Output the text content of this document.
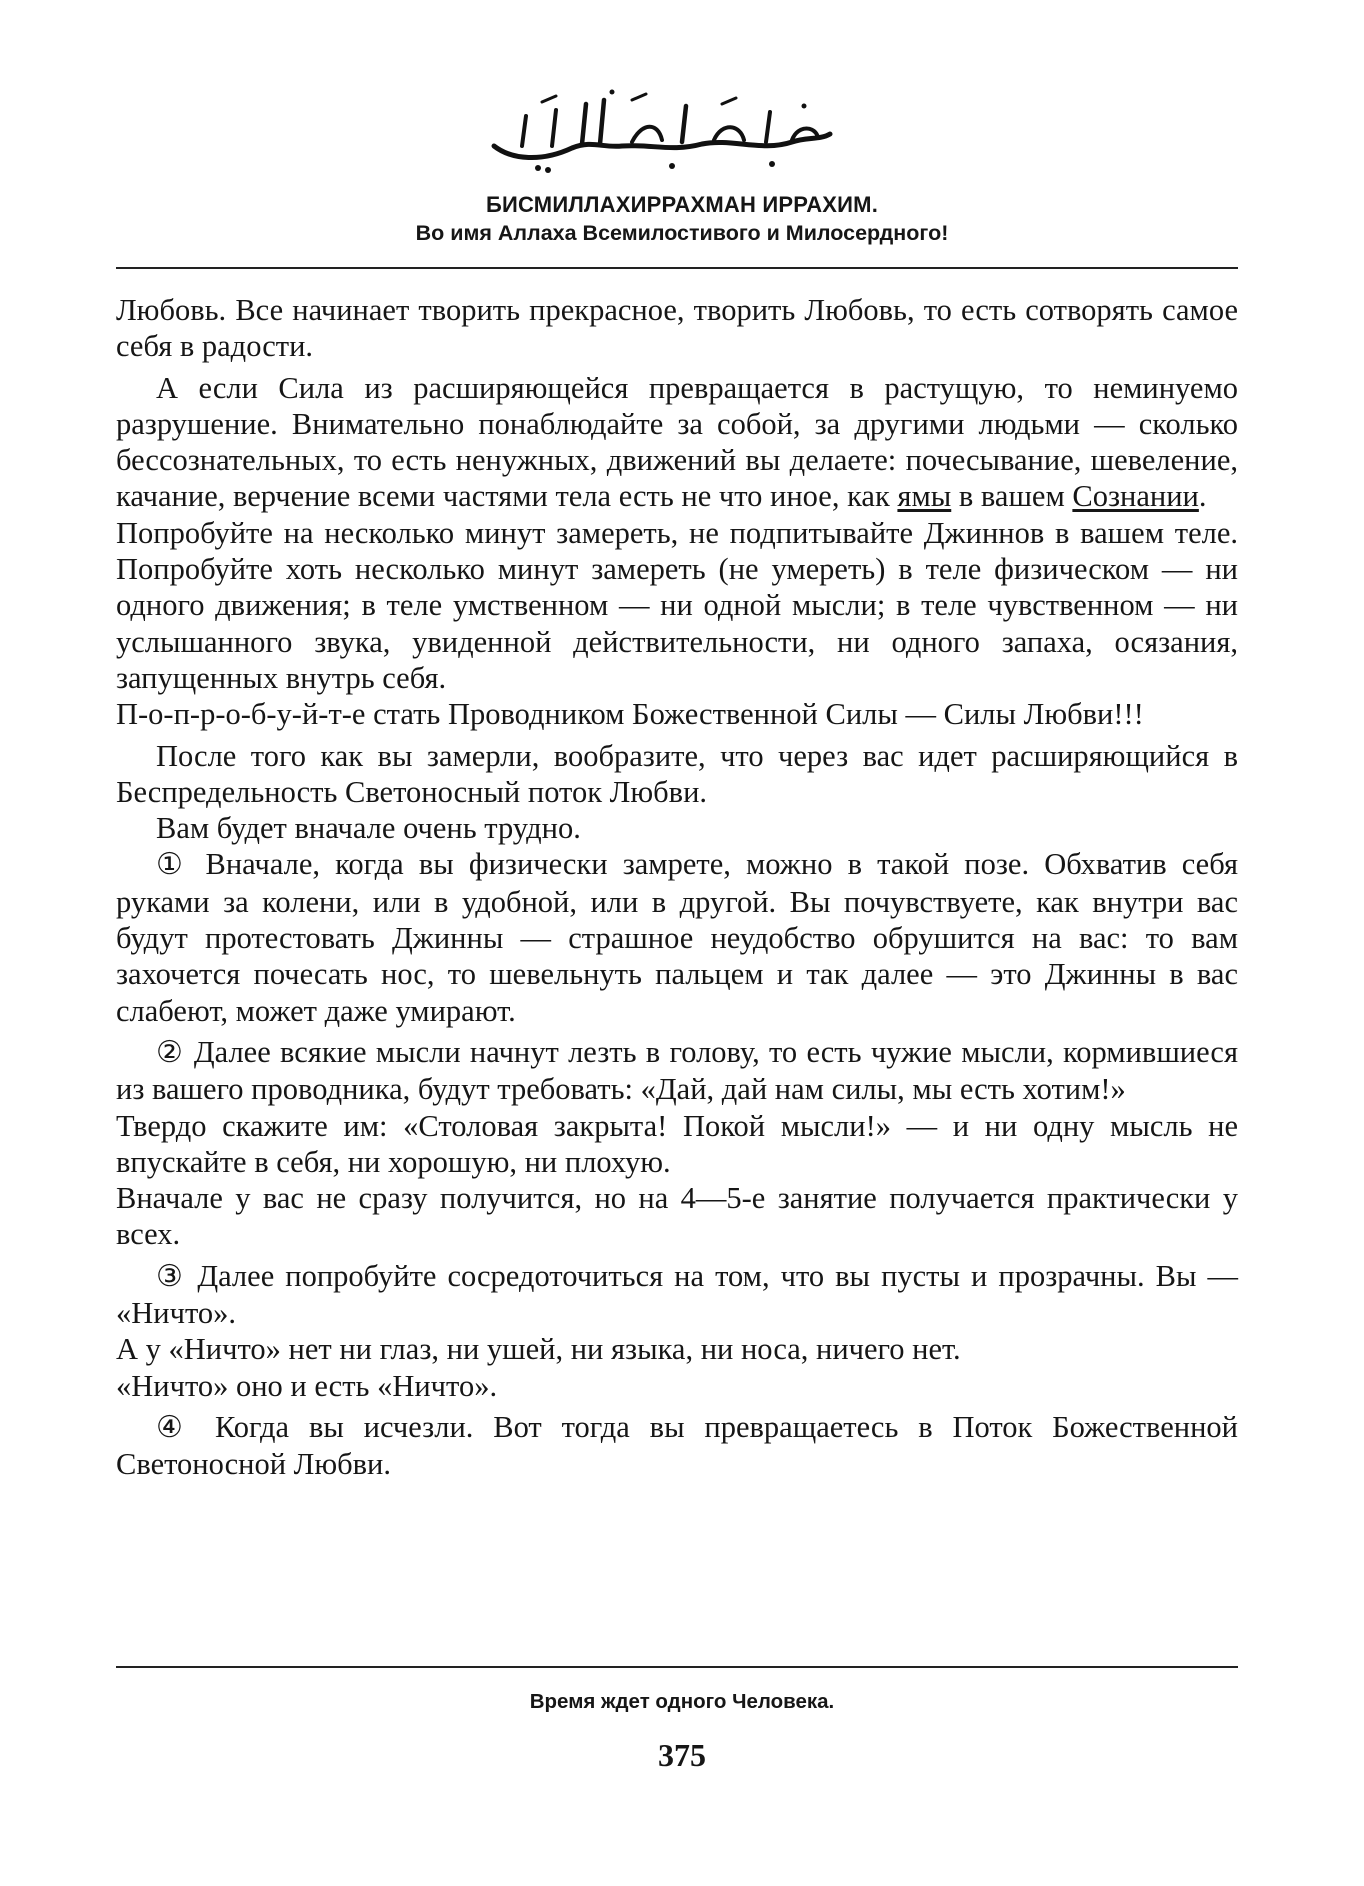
БИСМИЛЛАХИРРАХМАН ИРРАХИМ.
Во имя Аллаха Всемилостивого и Милосердного!

Любовь. Все начинает творить прекрасное, творить Любовь, то есть сотворять самое себя в радости.

А если Сила из расширяющейся превращается в растущую, то неминуемо разрушение. Внимательно понаблюдайте за собой, за другими людьми — сколько бессознательных, то есть ненужных, движений вы делаете: почесывание, шевеление, качание, верчение всеми частями тела есть не что иное, как ямы в вашем Сознании.

Попробуйте на несколько минут замереть, не подпитывайте Джиннов в вашем теле. Попробуйте хоть несколько минут замереть (не умереть) в теле физическом — ни одного движения; в теле умственном — ни одной мысли; в теле чувственном — ни услышанного звука, увиденной действительности, ни одного запаха, осязания, запущенных внутрь себя.

П-о-п-р-о-б-у-й-т-е стать Проводником Божественной Силы — Силы Любви!!!

После того как вы замерли, вообразите, что через вас идет расширяющийся в Беспредельность Светоносный поток Любви.

Вам будет вначале очень трудно.

① Вначале, когда вы физически замрете, можно в такой позе. Обхватив себя руками за колени, или в удобной, или в другой. Вы почувствуете, как внутри вас будут протестовать Джинны — страшное неудобство обрушится на вас: то вам захочется почесать нос, то шевельнуть пальцем и так далее — это Джинны в вас слабеют, может даже умирают.

② Далее всякие мысли начнут лезть в голову, то есть чужие мысли, кормившиеся из вашего проводника, будут требовать: «Дай, дай нам силы, мы есть хотим!»

Твердо скажите им: «Столовая закрыта! Покой мысли!» — и ни одну мысль не впускайте в себя, ни хорошую, ни плохую.

Вначале у вас не сразу получится, но на 4—5-е занятие получается практически у всех.

③ Далее попробуйте сосредоточиться на том, что вы пусты и прозрачны. Вы — «Ничто».

А у «Ничто» нет ни глаз, ни ушей, ни языка, ни носа, ничего нет.

«Ничто» оно и есть «Ничто».

④ Когда вы исчезли. Вот тогда вы превращаетесь в Поток Божественной Светоносной Любви.

Время ждет одного Человека.
375
